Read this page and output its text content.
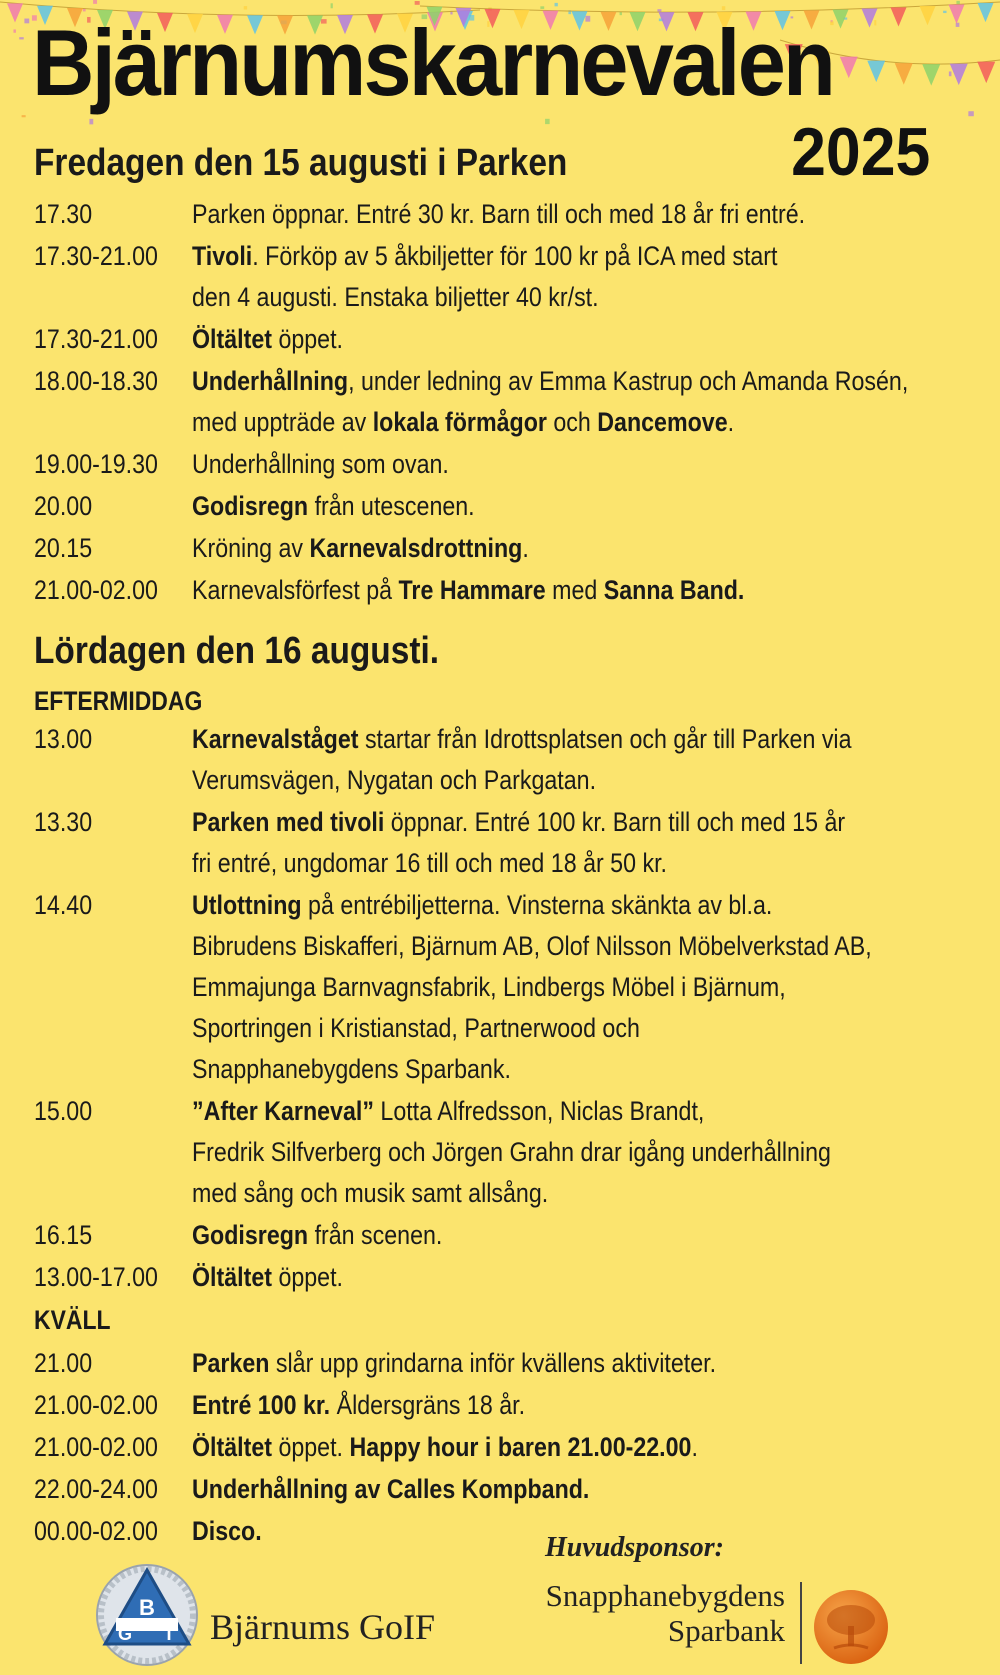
Bjärnumskarnevalen
2025
Fredagen den 15 augusti i Parken
17.30	Parken öppnar. Entré 30 kr. Barn till och med 18 år fri entré.
17.30-21.00 Tivoli. Förköp av 5 åkbiljetter för 100 kr på ICA med start
den 4 augusti. Enstaka biljetter 40 kr/st.
17.30-21.00 Öltältet öppet.
18.00-18.30 Underhållning, under ledning av Emma Kastrup och Amanda Rosén,
med uppträde av lokala förmågor och Dancemove.
19.00-19.30 Underhållning som ovan.
20.00	Godisregn från utescenen.
20.15	Kröning av Karnevalsdrottning.
21.00-02.00 Karnevalsförfest på Tre Hammare med Sanna Band.
Lördagen den 16 augusti.
EFTERMIDDAG
13.00	Karnevalståget startar från Idrottsplatsen och går till Parken via
Verumsvägen, Nygatan och Parkgatan.
13.30	Parken med tivoli öppnar. Entré 100 kr. Barn till och med 15 år
fri entré, ungdomar 16 till och med 18 år 50 kr.
14.40	Utlottning på entrébiljetterna. Vinsterna skänkta av bl.a.
Bibrudens Biskafferi, Bjärnum AB, Olof Nilsson Möbelverkstad AB,
Emmajunga Barnvagnsfabrik, Lindbergs Möbel i Bjärnum,
Sportringen i Kristianstad, Partnerwood och
Snapphanebygdens Sparbank.
15.00	”After Karneval” Lotta Alfredsson, Niclas Brandt,
Fredrik Silfverberg och Jörgen Grahn drar igång underhållning
med sång och musik samt allsång.
16.15	Godisregn från scenen.
13.00-17.00 Öltältet öppet.
KVÄLL
21.00	Parken slår upp grindarna inför kvällens aktiviteter.
21.00-02.00 Entré 100 kr. Åldersgräns 18 år.
21.00-02.00 Öltältet öppet. Happy hour i baren 21.00-22.00.
22.00-24.00 Underhållning av Calles Kompband.
00.00-02.00 Disco.
B
G I Bjärnums GoIF
Huvudsponsor:
Snapphanebygdens
Sparbank
